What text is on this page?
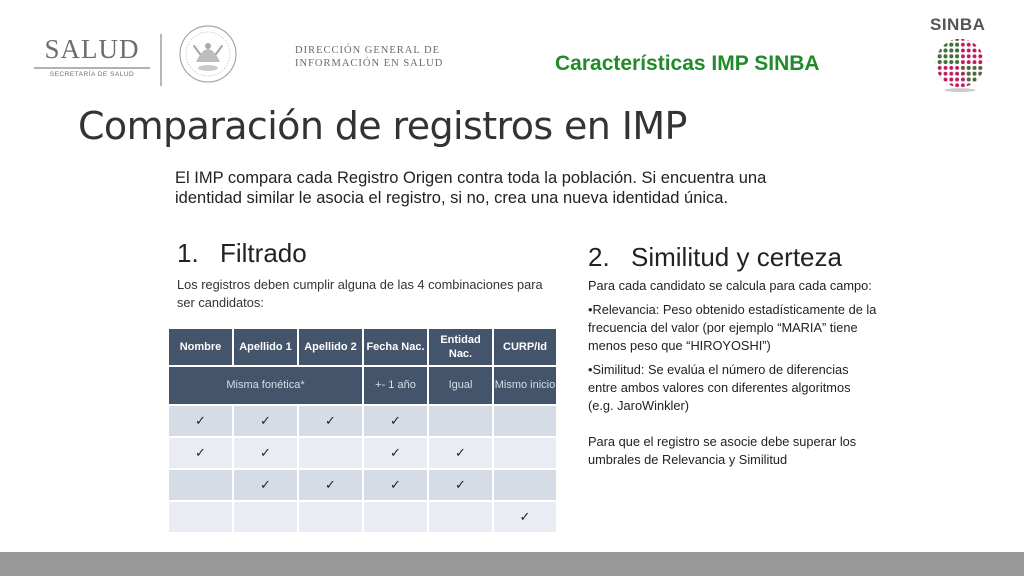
SALUD
SECRETARÍA DE SALUD
DIRECCIÓN GENERAL DE
INFORMACIÓN EN SALUD	Características IMP SINBA
SINBA
Comparación de registros en IMP
El IMP compara cada Registro Origen contra toda la población. Si encuentra una identidad similar le asocia el registro, si no, crea una nueva identidad única.
1. Filtrado
Los registros deben cumplir alguna de las 4 combinaciones para ser candidatos:
Nombre	Apellido 1	Apellido 2	Fecha Nac.	Entidad Nac.	CURP/Id
Misma fonética*			+- 1 año	Igual	Mismo inicio
✓	✓	✓	✓		
✓	✓		✓	✓	
	✓	✓	✓	✓	
					✓
2. Similitud y certeza

Para cada candidato se calcula para cada campo:

•Relevancia: Peso obtenido estadísticamente de la frecuencia del valor (por ejemplo “MARIA” tiene menos peso que “HIROYOSHI”)

•Similitud: Se evalúa el número de diferencias entre ambos valores con diferentes algoritmos (e.g. JaroWinkler)

Para que el registro se asocie debe superar los umbrales de Relevancia y Similitud
